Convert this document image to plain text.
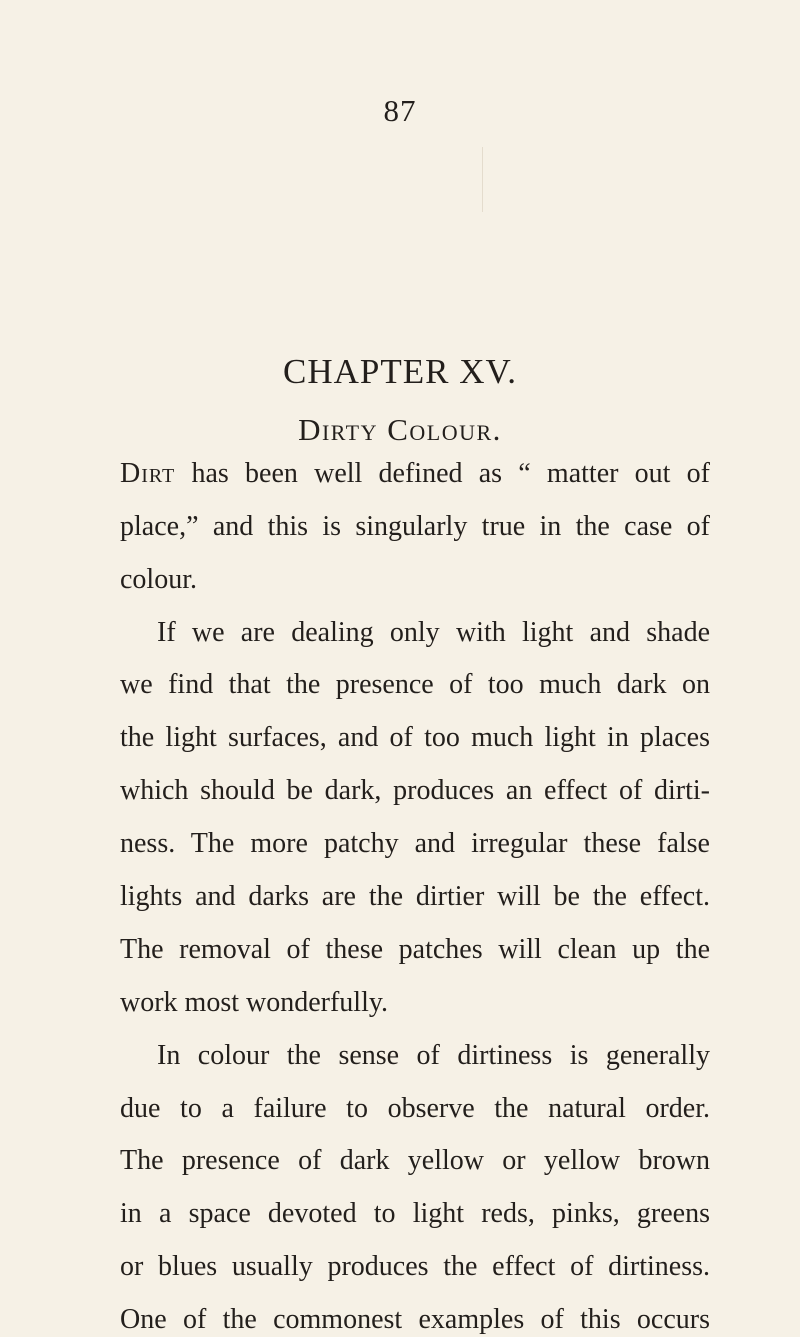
87
CHAPTER XV.
Dirty Colour.
Dirt has been well defined as “ matter out of
place,” and this is singularly true in the case of
colour.
If we are dealing only with light and shade
we find that the presence of too much dark on
the light surfaces, and of too much light in places
which should be dark, produces an effect of dirti-
ness. The more patchy and irregular these false
lights and darks are the dirtier will be the effect.
The removal of these patches will clean up the
work most wonderfully.
In colour the sense of dirtiness is generally
due to a failure to observe the natural order.
The presence of dark yellow or yellow brown
in a space devoted to light reds, pinks, greens
or blues usually produces the effect of dirtiness.
One of the commonest examples of this occurs
